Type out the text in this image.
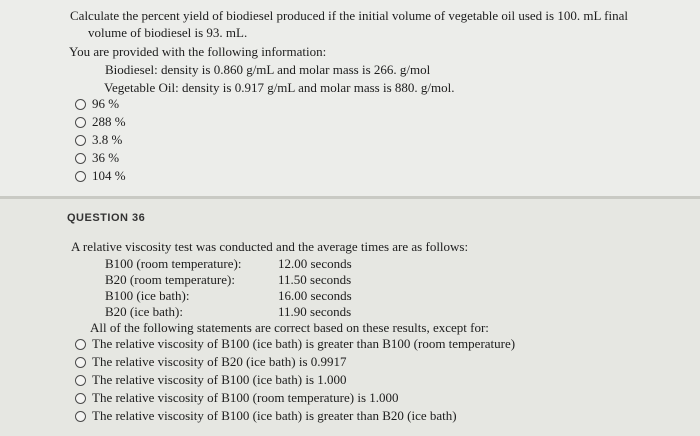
Calculate the percent yield of biodiesel produced if the initial volume of vegetable oil used is 100. mL final
volume of biodiesel is 93. mL.
You are provided with the following information:
Biodiesel: density is 0.860 g/mL and molar mass is 266. g/mol
Vegetable Oil: density is 0.917 g/mL and molar mass is 880. g/mol.
96 %
288 %
3.8 %
36 %
104 %
QUESTION 36
A relative viscosity test was conducted and the average times are as follows:
B100 (room temperature):	12.00 seconds
B20 (room temperature):	11.50 seconds
B100 (ice bath):	16.00 seconds
B20 (ice bath):	11.90 seconds
All of the following statements are correct based on these results, except for:
The relative viscosity of B100 (ice bath) is greater than B100 (room temperature)
The relative viscosity of B20 (ice bath) is 0.9917
The relative viscosity of B100 (ice bath) is 1.000
The relative viscosity of B100 (room temperature) is 1.000
The relative viscosity of B100 (ice bath) is greater than B20 (ice bath)
